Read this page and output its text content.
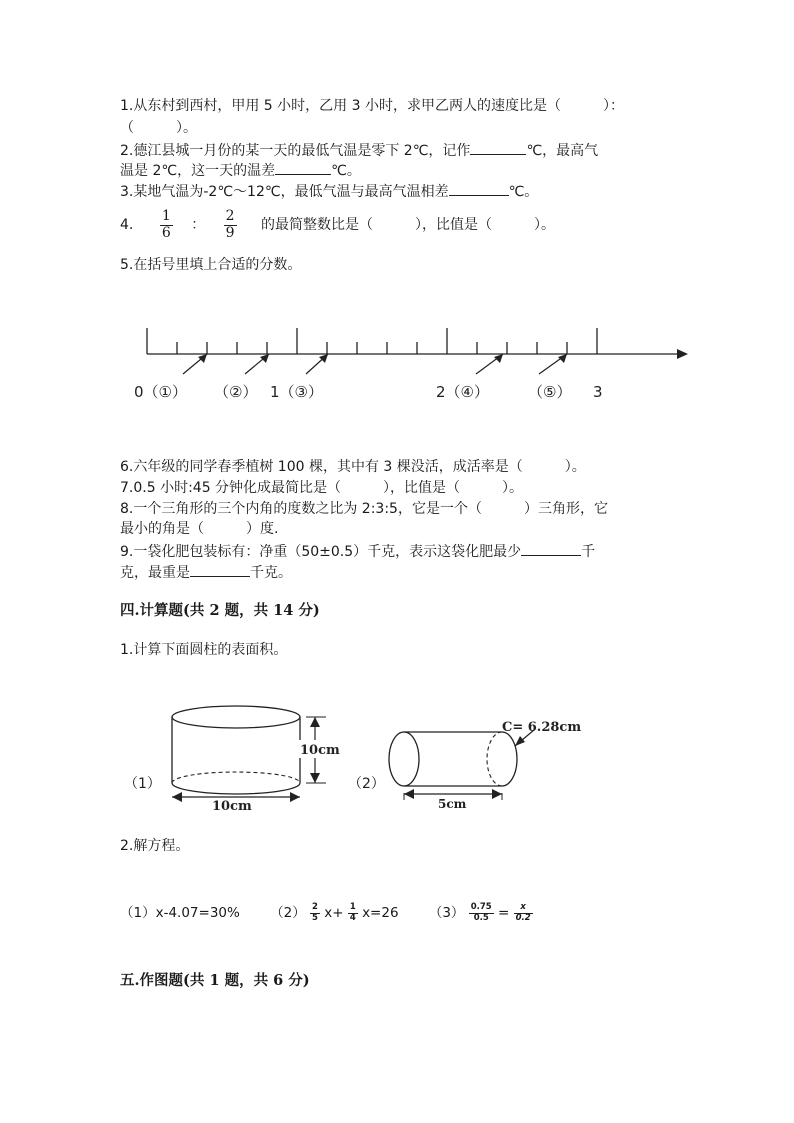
1.从东村到西村，甲用 5 小时，乙用 3 小时，求甲乙两人的速度比是（　　　）：
（　　　）。
2.德江县城一月份的某一天的最低气温是零下 2℃，记作	℃，最高气
温是 2℃，这一天的温差	℃。
3.某地气温为-2℃～12℃，最低气温与最高气温相差	℃。
4. $\frac{1}{6}$ ： $\frac{2}{9}$ 的最简整数比是（　　　），比值是（　　　）。
5.在括号里填上合适的分数。
0（①） （②） 1（③）	2（④）	（⑤） 3
6.六年级的同学春季植树 100 棵，其中有 3 棵没活，成活率是（　　　）。
7.0.5 小时:45 分钟化成最简比是（　　　），比值是（　　　）。
8.一个三角形的三个内角的度数之比为 2:3:5，它是一个（　　　）三角形，它
最小的角是（　　　）度.
9.一袋化肥包装标有：净重（50±0.5）千克，表示这袋化肥最少	千
克，最重是	千克。
四.计算题(共 2 题，共 14 分)
1.计算下面圆柱的表面积。
（1）
10cm
10cm
（2）
C= 6.28cm
5cm
2.解方程。
（1）x-4.07=30% $(2) \frac{2}{5} x+ \frac{1}{4} x=26$ $(3) \frac{0.75}{0.5} = \frac{x}{0.2}$
五.作图题(共 1 题，共 6 分)
